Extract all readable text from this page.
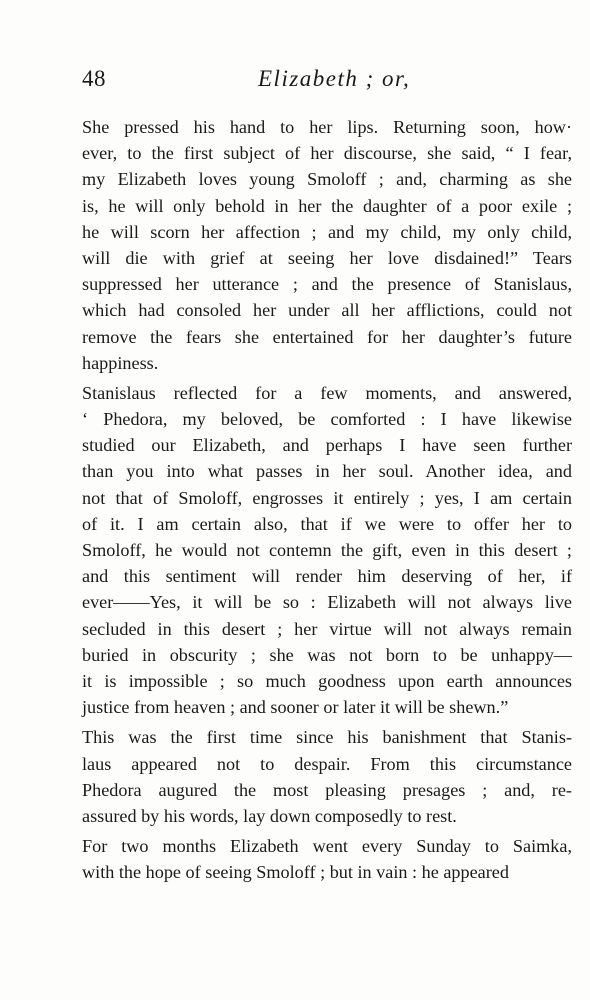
48	Elizabeth ; or,
She pressed his hand to her lips. Returning soon, how·
ever, to the first subject of her discourse, she said, “ I fear,
my Elizabeth loves young Smoloff ; and, charming as she
is, he will only behold in her the daughter of a poor exile ;
he will scorn her affection ; and my child, my only child,
will die with grief at seeing her love disdained!” Tears
suppressed her utterance ; and the presence of Stanislaus,
which had consoled her under all her afflictions, could not
remove the fears she entertained for her daughter’s future
happiness.
Stanislaus reflected for a few moments, and answered,
‘ Phedora, my beloved, be comforted : I have likewise
studied our Elizabeth, and perhaps I have seen further
than you into what passes in her soul. Another idea, and
not that of Smoloff, engrosses it entirely ; yes, I am certain
of it. I am certain also, that if we were to offer her to
Smoloff, he would not contemn the gift, even in this desert ;
and this sentiment will render him deserving of her, if
ever——Yes, it will be so : Elizabeth will not always live
secluded in this desert ; her virtue will not always remain
buried in obscurity ; she was not born to be unhappy—
it is impossible ; so much goodness upon earth announces
justice from heaven ; and sooner or later it will be shewn.”
This was the first time since his banishment that Stanis-
laus appeared not to despair. From this circumstance
Phedora augured the most pleasing presages ; and, re-
assured by his words, lay down composedly to rest.
For two months Elizabeth went every Sunday to Saimka,
with the hope of seeing Smoloff ; but in vain : he appeared
